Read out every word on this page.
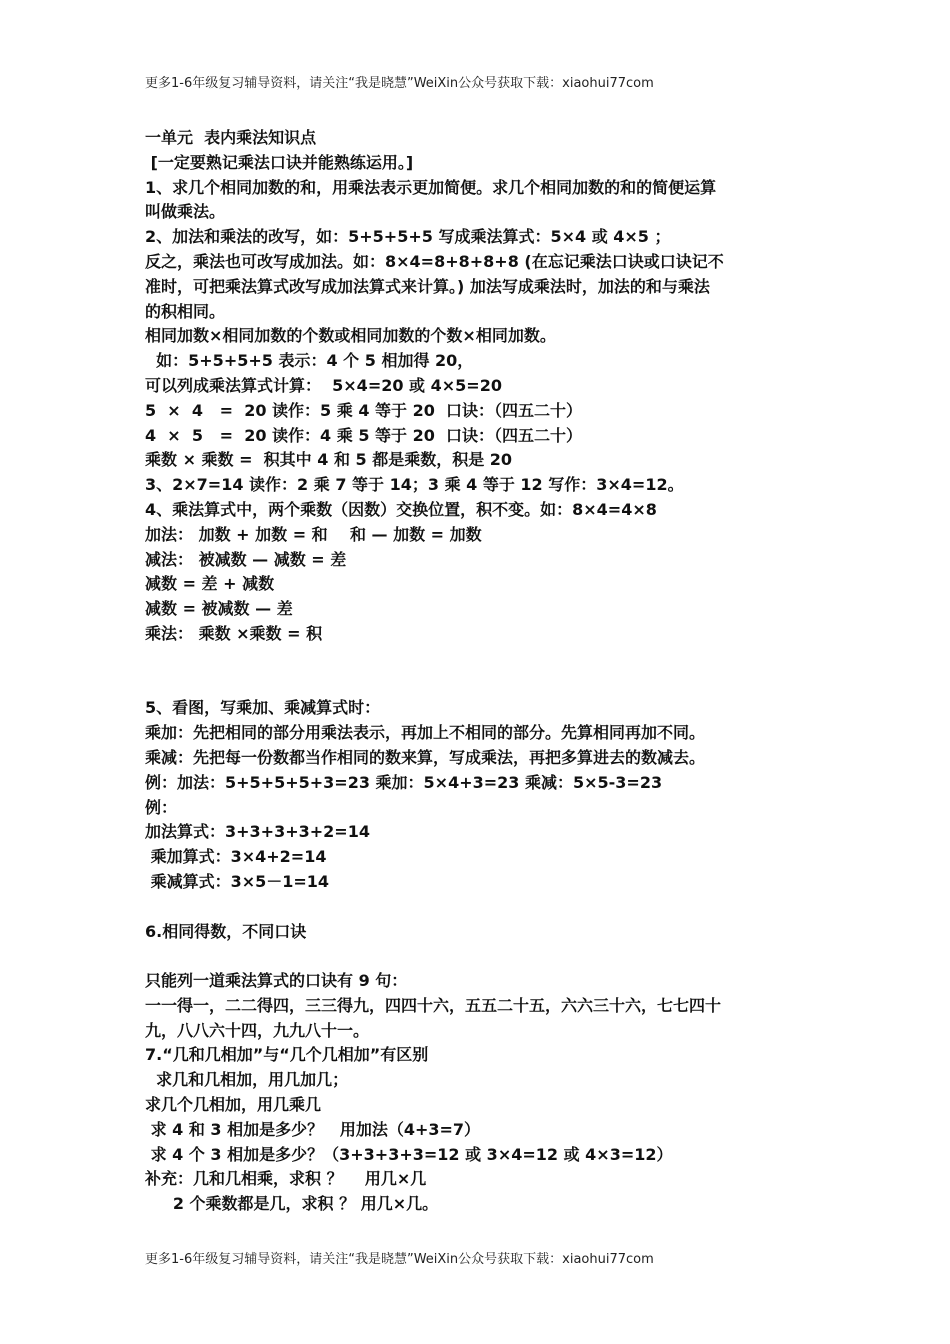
更多1-6年级复习辅导资料，请关注“我是晓慧”WeiXin公众号获取下载：xiaohui77com
一单元  表内乘法知识点
[一定要熟记乘法口诀并能熟练运用。]
1、求几个相同加数的和，用乘法表示更加简便。求几个相同加数的和的简便运算
叫做乘法。
2、加法和乘法的改写，如：5+5+5+5 写成乘法算式：5×4 或 4×5 ；
反之，乘法也可改写成加法。如：8×4=8+8+8+8 (在忘记乘法口诀或口诀记不
准时，可把乘法算式改写成加法算式来计算。) 加法写成乘法时，加法的和与乘法
的积相同。
相同加数×相同加数的个数或相同加数的个数×相同加数。
如：5+5+5+5 表示：4 个 5 相加得 20，
可以列成乘法算式计算：  5×4=20 或 4×5=20
5  ×  4   =  20 读作：5 乘 4 等于 20  口诀：（四五二十）
4  ×  5   =  20 读作：4 乘 5 等于 20  口诀：（四五二十）
乘数 × 乘数 =  积其中 4 和 5 都是乘数，积是 20
3、2×7=14 读作：2 乘 7 等于 14；3 乘 4 等于 12 写作：3×4=12。
4、乘法算式中，两个乘数（因数）交换位置，积不变。如：8×4=4×8
加法： 加数 + 加数 = 和    和 — 加数 = 加数
减法： 被减数 — 减数 = 差
减数 = 差 + 减数
减数 = 被减数 — 差
乘法： 乘数 ×乘数 = 积
5、看图，写乘加、乘减算式时：
乘加：先把相同的部分用乘法表示，再加上不相同的部分。先算相同再加不同。
乘减：先把每一份数都当作相同的数来算，写成乘法，再把多算进去的数减去。
例：加法：5+5+5+5+3=23 乘加：5×4+3=23 乘减：5×5-3=23
例：
加法算式：3+3+3+3+2=14
乘加算式：3×4+2=14
乘减算式：3×5－1=14
6.相同得数，不同口诀
只能列一道乘法算式的口诀有 9 句：
一一得一，二二得四，三三得九，四四十六，五五二十五，六六三十六，七七四十
九，八八六十四，九九八十一。
7.“几和几相加”与“几个几相加”有区别
求几和几相加，用几加几；
求几个几相加，用几乘几
求 4 和 3 相加是多少？   用加法（4+3=7）
求 4 个 3 相加是多少？（3+3+3+3=12 或 3×4=12 或 4×3=12）
补充：几和几相乘，求积 ？    用几×几
2 个乘数都是几，求积 ？ 用几×几。
更多1-6年级复习辅导资料，请关注“我是晓慧”WeiXin公众号获取下载：xiaohui77com
